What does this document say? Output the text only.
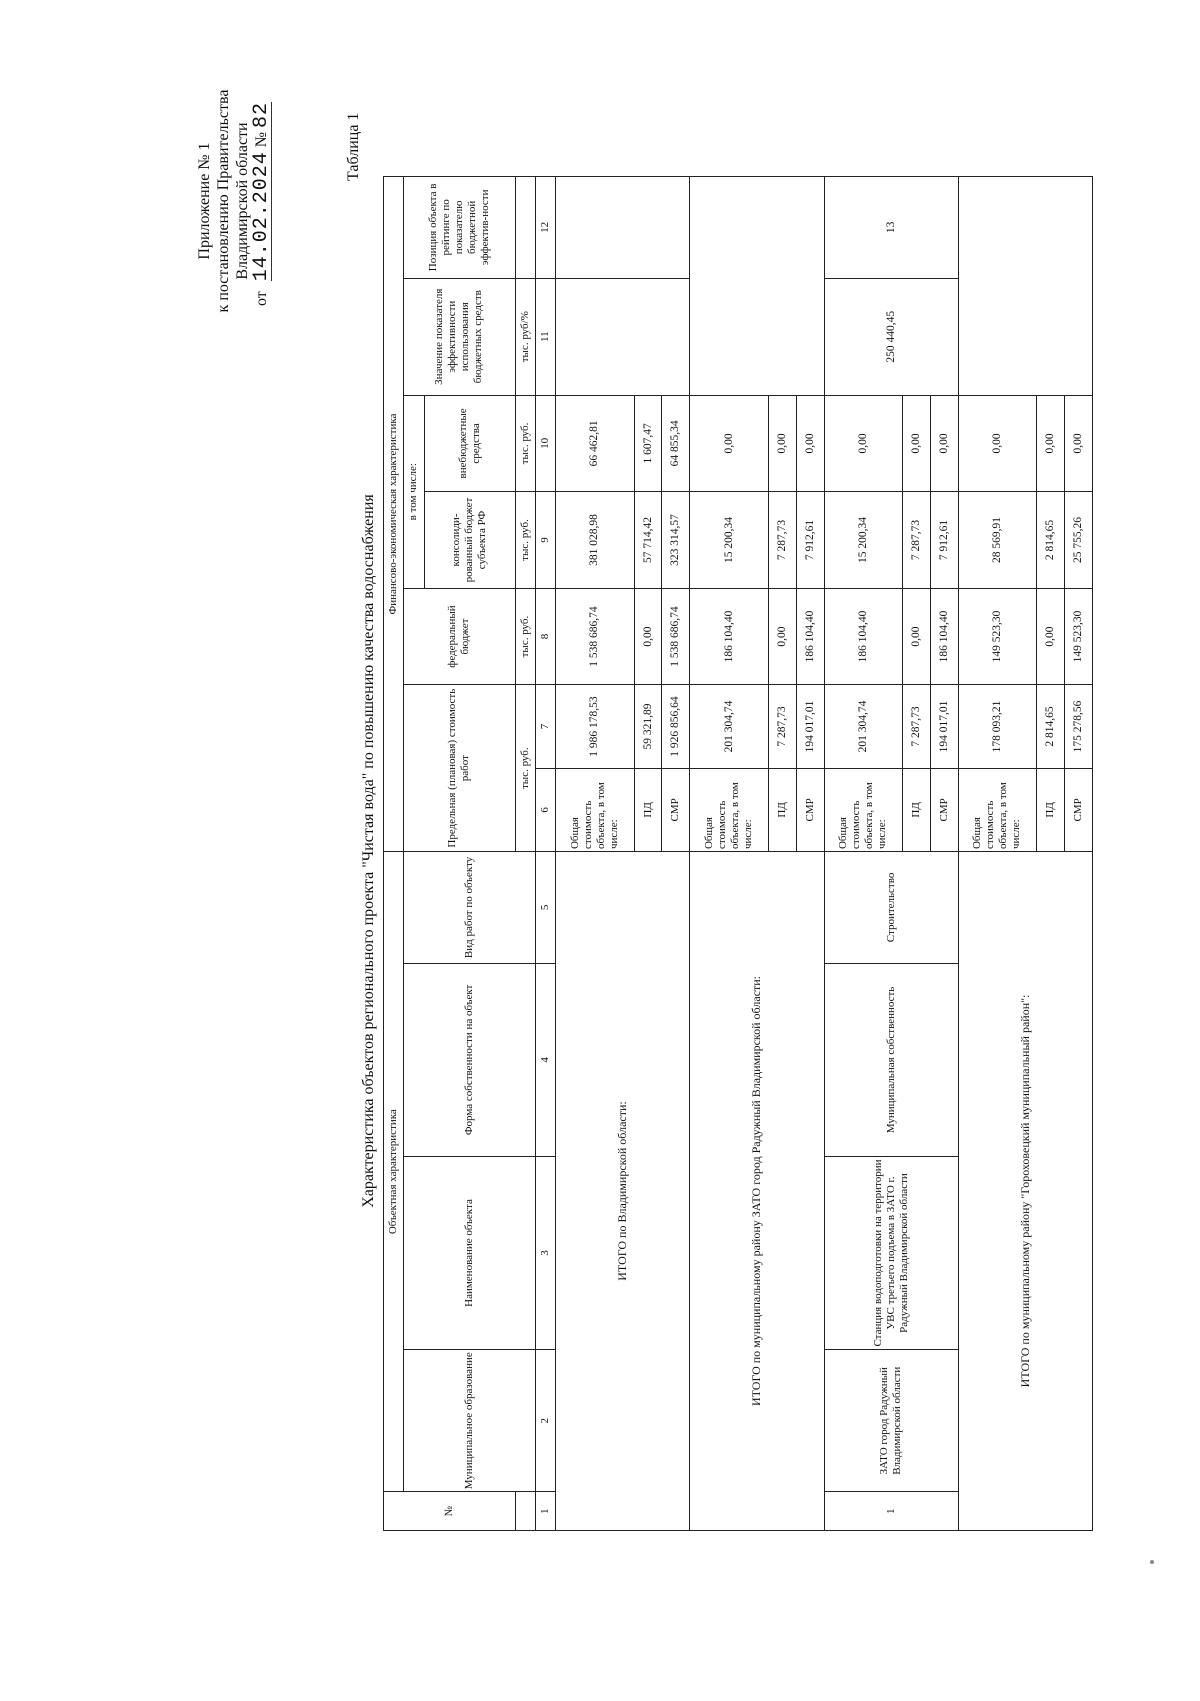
Приложение № 1 к постановлению Правительства Владимирской области
от 14.02.2024 № 82	Таблица 1
Характеристика объектов регионального проекта "Чистая вода" по повышению качества водоснабжения
№	Объектная характеристика				Финансово-экономическая характеристика						
	Муниципальное образование	Наименование объекта	Форма собственности на объект	Вид работ по объекту	Предельная (плановая) стоимость работ		федеральный бюджет	в том числе:		Значение показателя эффективности использования бюджетных средств	Позиция объекта в рейтинге по показателю бюджетной эффектив-ности
								консолиди-рованный бюджет субъекта РФ	внебюджетные средства		
					тыс. руб.		тыс. руб.	тыс. руб.	тыс. руб.	тыс. руб/%	
1	2	3	4	5	6	7	8	9	10	11	12
ИТОГО по Владимирской области:					Общая стоимость объекта, в том числе:	1 986 178,53	1 538 686,74	381 028,98	66 462,81		
					ПД	59 321,89	0,00	57 714,42	1 607,47		
					СМР	1 926 856,64	1 538 686,74	323 314,57	64 855,34		
ИТОГО по муниципальному району ЗАТО город Радужный Владимирской области:					Общая стоимость объекта, в том числе:	201 304,74	186 104,40	15 200,34	0,00		
					ПД	7 287,73	0,00	7 287,73	0,00		
					СМР	194 017,01	186 104,40	7 912,61	0,00		
1	ЗАТО город Радужный Владимирской области	Станция водоподготовки на территории УВС третьего подъема в ЗАТО г. Радужный Владимирской области	Муниципальная собственность	Строительство	Общая стоимость объекта, в том числе:	201 304,74	186 104,40	15 200,34	0,00	250 440,45	13
					ПД	7 287,73	0,00	7 287,73	0,00		
					СМР	194 017,01	186 104,40	7 912,61	0,00		
ИТОГО по муниципальному району "Гороховецкий муниципальный район":					Общая стоимость объекта, в том числе:	178 093,21	149 523,30	28 569,91	0,00		
					ПД	2 814,65	0,00	2 814,65	0,00		
					СМР	175 278,56	149 523,30	25 755,26	0,00		
